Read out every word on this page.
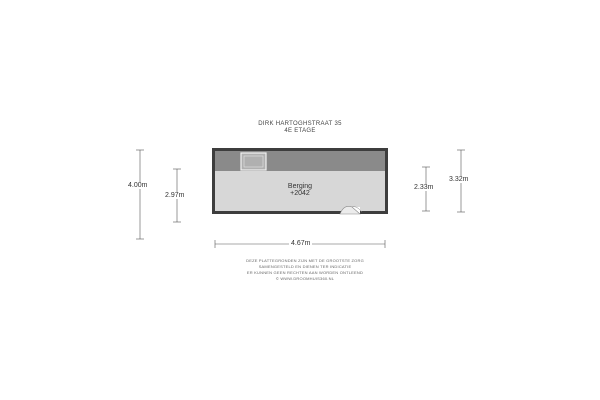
DIRK HARTOGHSTRAAT 35
4E ETAGE
4.00m
2.97m
2.33m
3.32m
4.67m
Berging
+2042
DEZE PLATTEGRONDEN ZIJN MET DE GROOTSTE ZORG
SAMENGESTELD EN DIENEN TER INDICATIE
ER KUNNEN GEEN RECHTEN AAN WORDEN ONTLEEND
© WWW.DROOMHUIS360.NL
